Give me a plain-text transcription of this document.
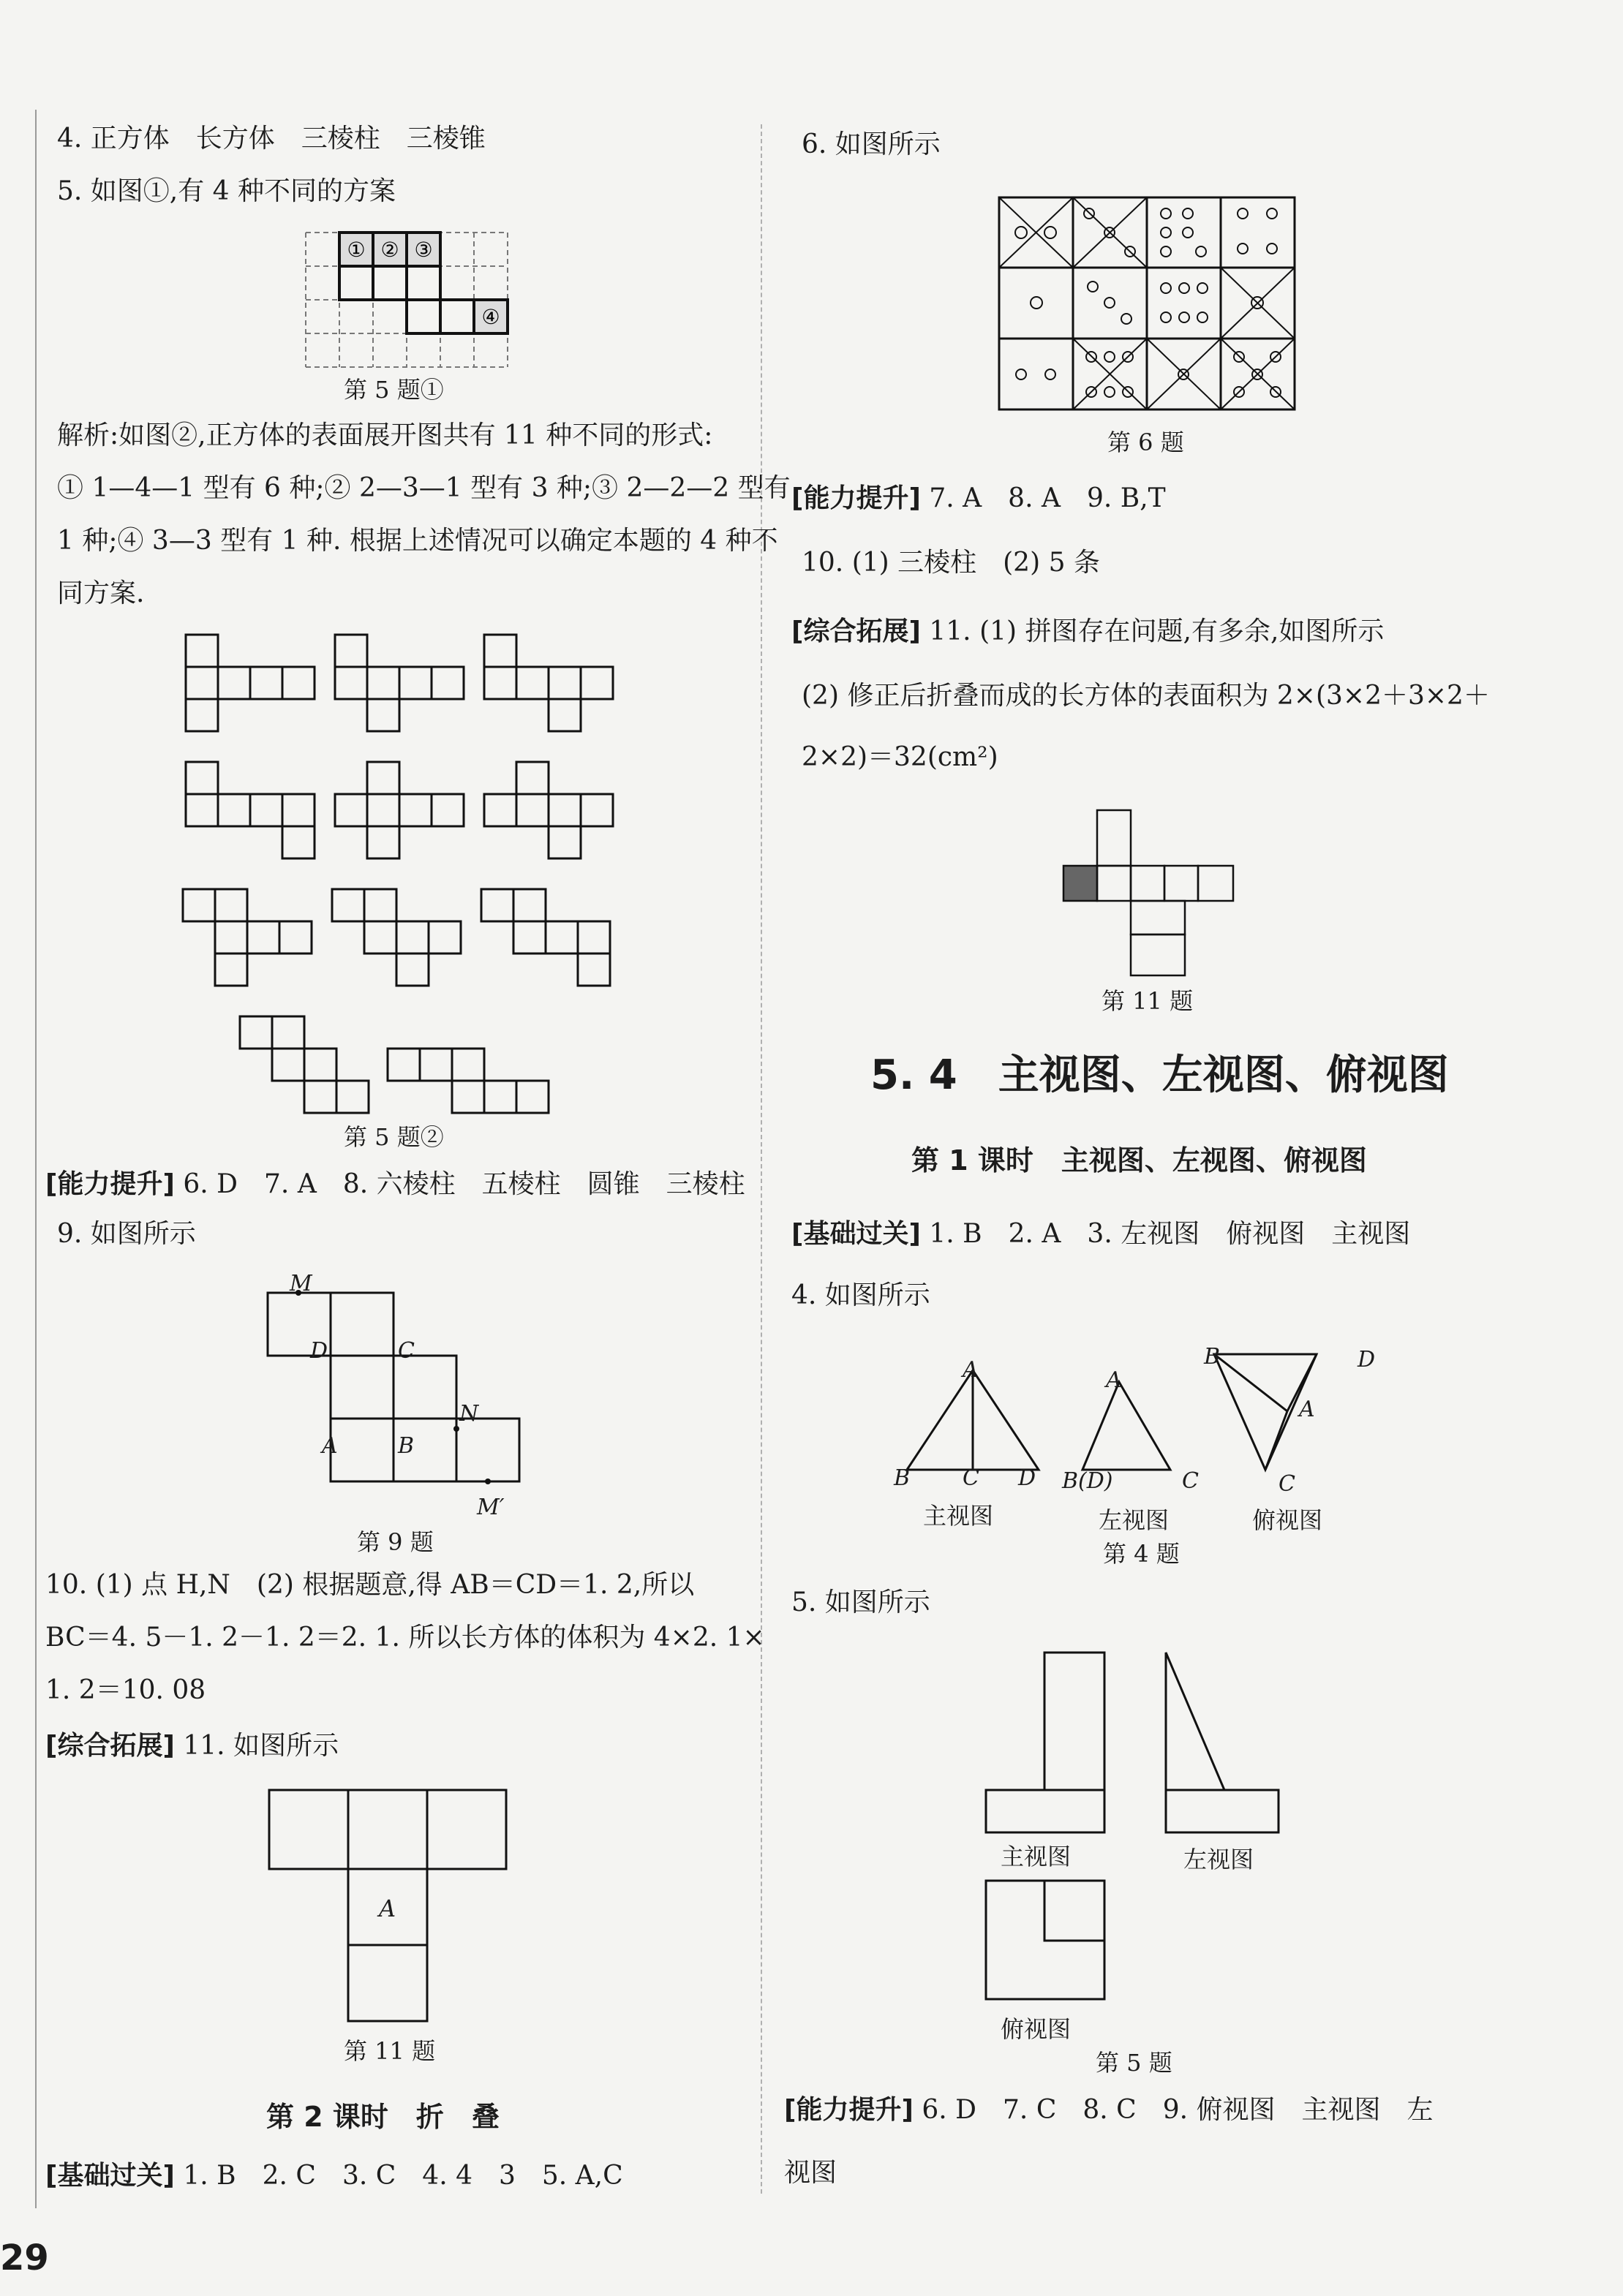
4. 正方体　长方体　三棱柱　三棱锥
5. 如图①,有 4 种不同的方案
① ② ③
④
第 5 题①
解析:如图②,正方体的表面展开图共有 11 种不同的形式:
① 1—4—1 型有 6 种;② 2—3—1 型有 3 种;③ 2—2—2 型有
1 种;④ 3—3 型有 1 种. 根据上述情况可以确定本题的 4 种不
同方案.
第 5 题②
[能力提升] 6. D　7. A　8. 六棱柱　五棱柱　圆锥　三棱柱
9. 如图所示
M
D	C
N
A	B
M′
第 9 题
10. (1) 点 H,N　(2) 根据题意,得 AB＝CD＝1. 2,所以
BC＝4. 5－1. 2－1. 2＝2. 1. 所以长方体的体积为 4×2. 1×
1. 2＝10. 08
[综合拓展] 11. 如图所示
A
第 11 题
第 2 课时　折　叠
[基础过关] 1. B　2. C　3. C　4. 4　3　5. A,C
29
6. 如图所示
第 6 题
[能力提升] 7. A　8. A　9. B,T
10. (1) 三棱柱　(2) 5 条
[综合拓展] 11. (1) 拼图存在问题,有多余,如图所示
(2) 修正后折叠而成的长方体的表面积为 2×(3×2＋3×2＋
2×2)＝32(cm²)
第 11 题
5. 4　主视图、左视图、俯视图
第 1 课时　主视图、左视图、俯视图
[基础过关] 1. B　2. A　3. 左视图　俯视图　主视图
4. 如图所示
A
B C D
A
B(D)	C
B	D
A
C
主视图	左视图	俯视图
第 4 题
5. 如图所示
主视图	左视图
俯视图
第 5 题
[能力提升] 6. D　7. C　8. C　9. 俯视图　主视图　左
视图
